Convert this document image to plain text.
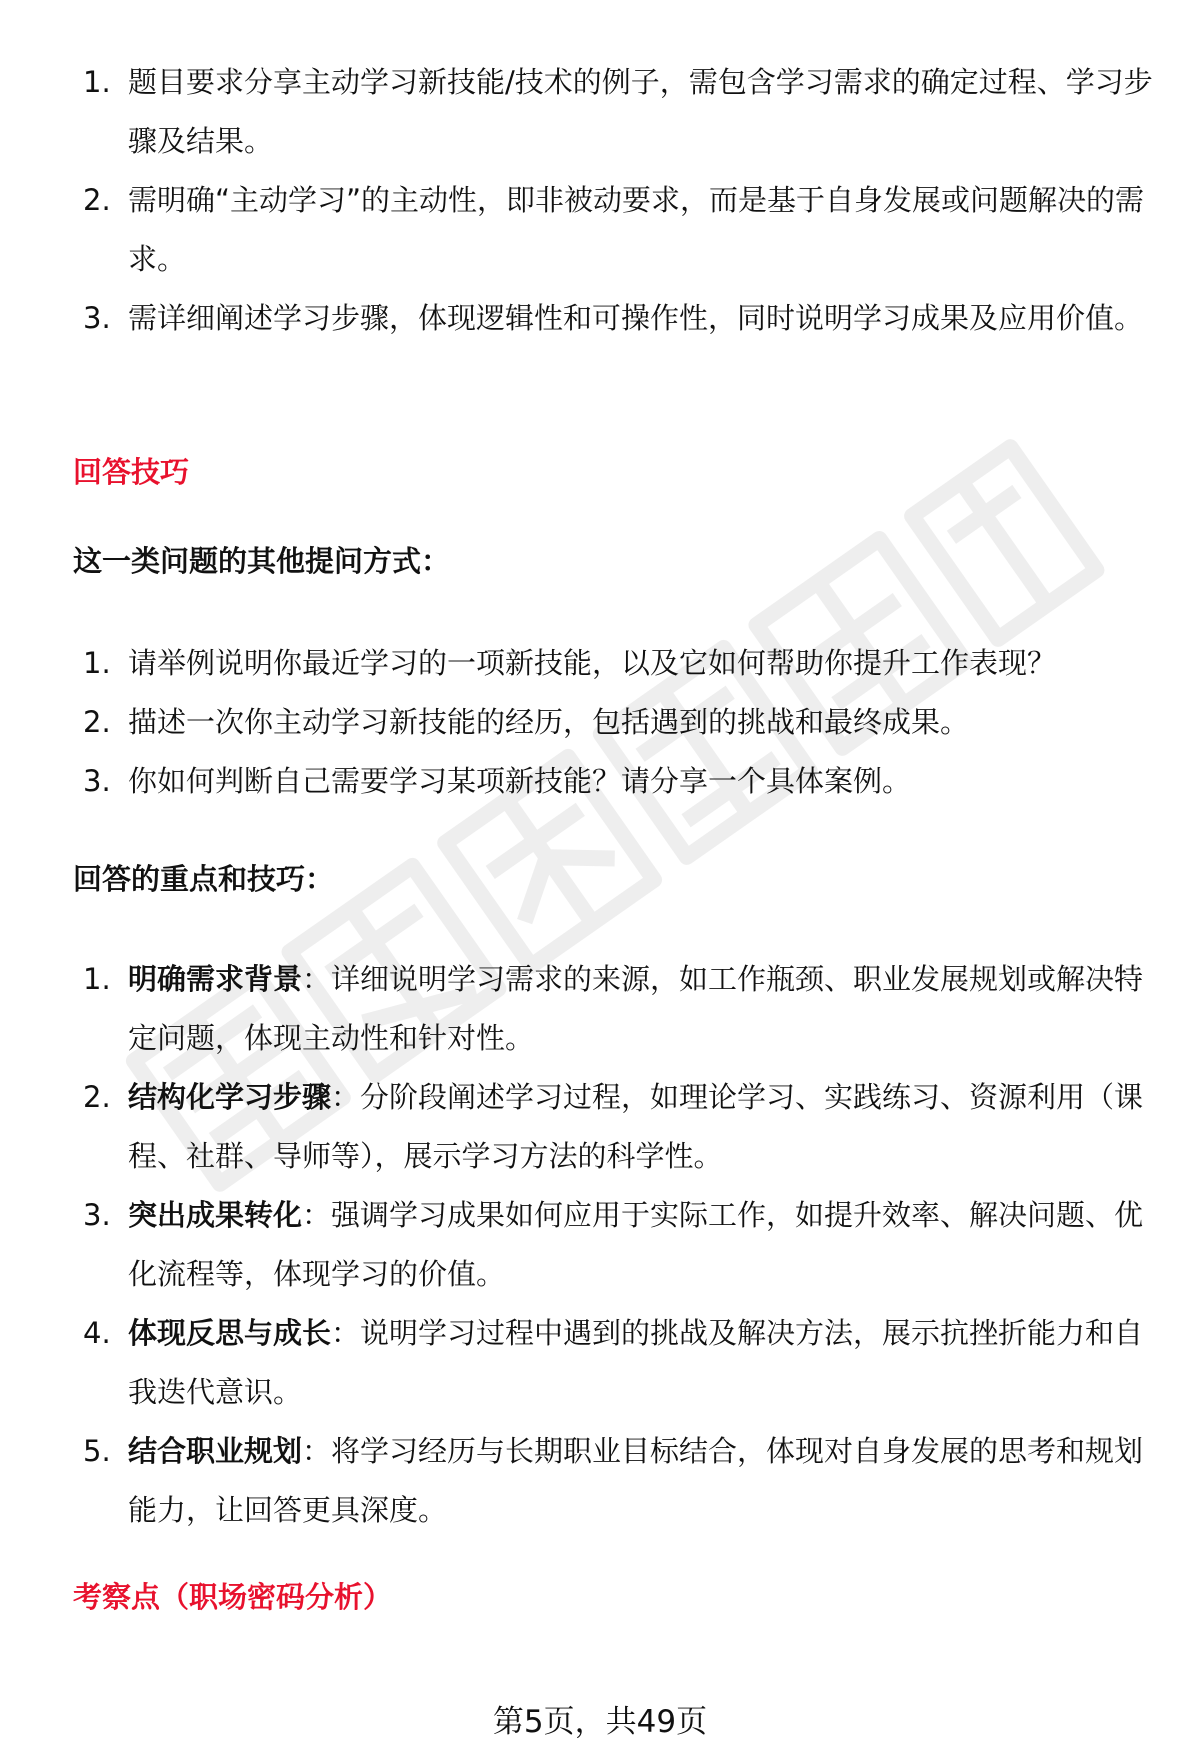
1. 题目要求分享主动学习新技能/技术的例子，需包含学习需求的确定过程、学习步骤及结果。
2. 需明确“主动学习”的主动性，即非被动要求，而是基于自身发展或问题解决的需求。
3. 需详细阐述学习步骤，体现逻辑性和可操作性，同时说明学习成果及应用价值。
回答技巧
这一类问题的其他提问方式：
1. 请举例说明你最近学习的一项新技能，以及它如何帮助你提升工作表现？
2. 描述一次你主动学习新技能的经历，包括遇到的挑战和最终成果。
3. 你如何判断自己需要学习某项新技能？请分享一个具体案例。
回答的重点和技巧：
1. 明确需求背景：详细说明学习需求的来源，如工作瓶颈、职业发展规划或解决特定问题，体现主动性和针对性。
2. 结构化学习步骤：分阶段阐述学习过程，如理论学习、实践练习、资源利用（课程、社群、导师等），展示学习方法的科学性。
3. 突出成果转化：强调学习成果如何应用于实际工作，如提升效率、解决问题、优化流程等，体现学习的价值。
4. 体现反思与成长：说明学习过程中遇到的挑战及解决方法，展示抗挫折能力和自我迭代意识。
5. 结合职业规划：将学习经历与长期职业目标结合，体现对自身发展的思考和规划能力，让回答更具深度。
考察点（职场密码分析）
第5页，共49页
